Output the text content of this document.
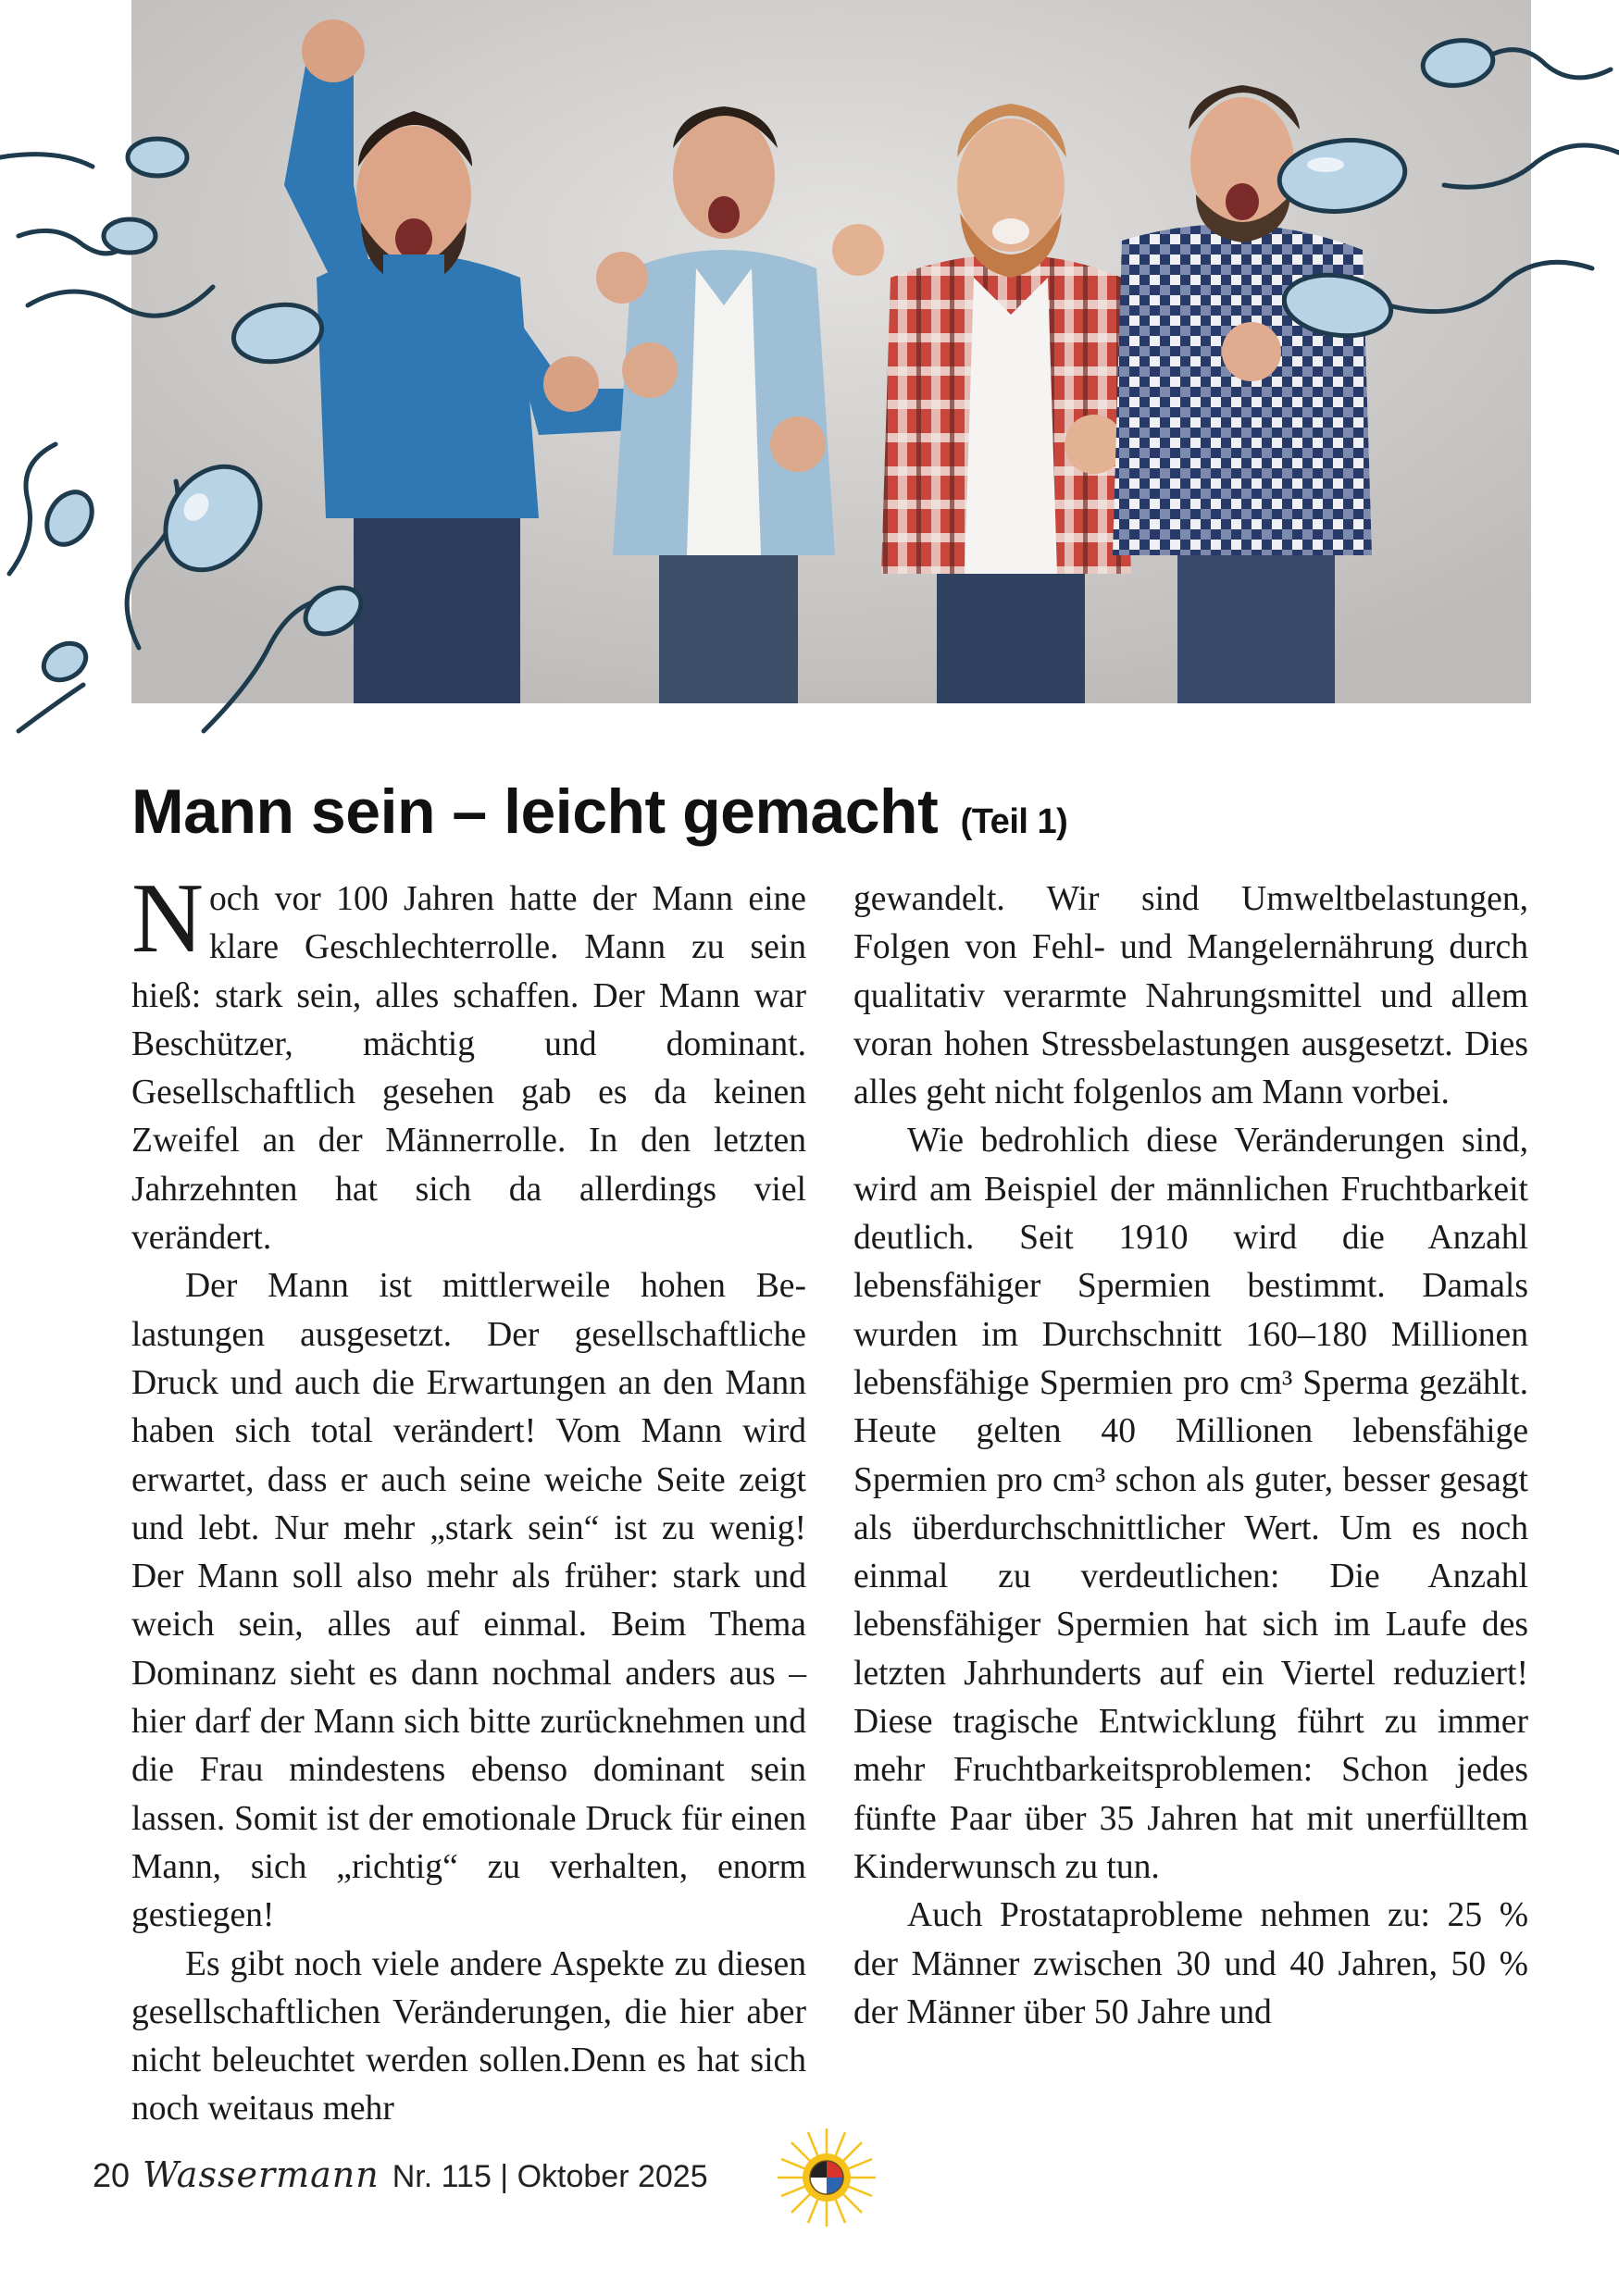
Mann sein – leicht gemacht (Teil 1)

N och vor 100 Jahren hatte der Mann eine klare Geschlechterrolle. Mann zu sein hieß: stark sein, alles schaffen. Der Mann war Beschützer, mächtig und dominant. Gesellschaftlich gesehen gab es da keinen Zweifel an der Männerrolle. In den letzten Jahrzehnten hat sich da allerdings viel verändert.

Der Mann ist mittlerweile hohen Belastungen ausgesetzt. Der gesellschaftliche Druck und auch die Erwartungen an den Mann haben sich total verändert! Vom Mann wird erwartet, dass er auch seine weiche Seite zeigt und lebt. Nur mehr „stark sein“ ist zu wenig! Der Mann soll also mehr als früher: stark und weich sein, alles auf einmal. Beim Thema Dominanz sieht es dann nochmal anders aus – hier darf der Mann sich bitte zurücknehmen und die Frau mindestens ebenso dominant sein lassen. Somit ist der emotionale Druck für einen Mann, sich „richtig“ zu verhalten, enorm gestiegen!

Es gibt noch viele andere Aspekte zu diesen gesellschaftlichen Veränderungen, die hier aber nicht beleuchtet werden sollen.Denn es hat sich noch weitaus mehr

gewandelt. Wir sind Umweltbelastungen, Folgen von Fehl- und Mangelernährung durch qualitativ verarmte Nahrungsmittel und allem voran hohen Stressbelastungen ausgesetzt. Dies alles geht nicht folgenlos am Mann vorbei.

Wie bedrohlich diese Veränderungen sind, wird am Beispiel der männlichen Fruchtbarkeit deutlich. Seit 1910 wird die Anzahl lebensfähiger Spermien bestimmt. Damals wurden im Durchschnitt 160–180 Millionen lebensfähige Spermien pro cm³ Sperma gezählt. Heute gelten 40 Millionen lebensfähige Spermien pro cm³ schon als guter, besser gesagt als überdurchschnittlicher Wert. Um es noch einmal zu verdeutlichen: Die Anzahl lebensfähiger Spermien hat sich im Laufe des letzten Jahrhunderts auf ein Viertel reduziert! Diese tragische Entwicklung führt zu immer mehr Fruchtbarkeitsproblemen: Schon jedes fünfte Paar über 35 Jahren hat mit unerfülltem Kinderwunsch zu tun.

Auch Prostataprobleme nehmen zu: 25 % der Männer zwischen 30 und 40 Jahren, 50 % der Männer über 50 Jahre und

20 Wassermann Nr. 115 | Oktober 2025
